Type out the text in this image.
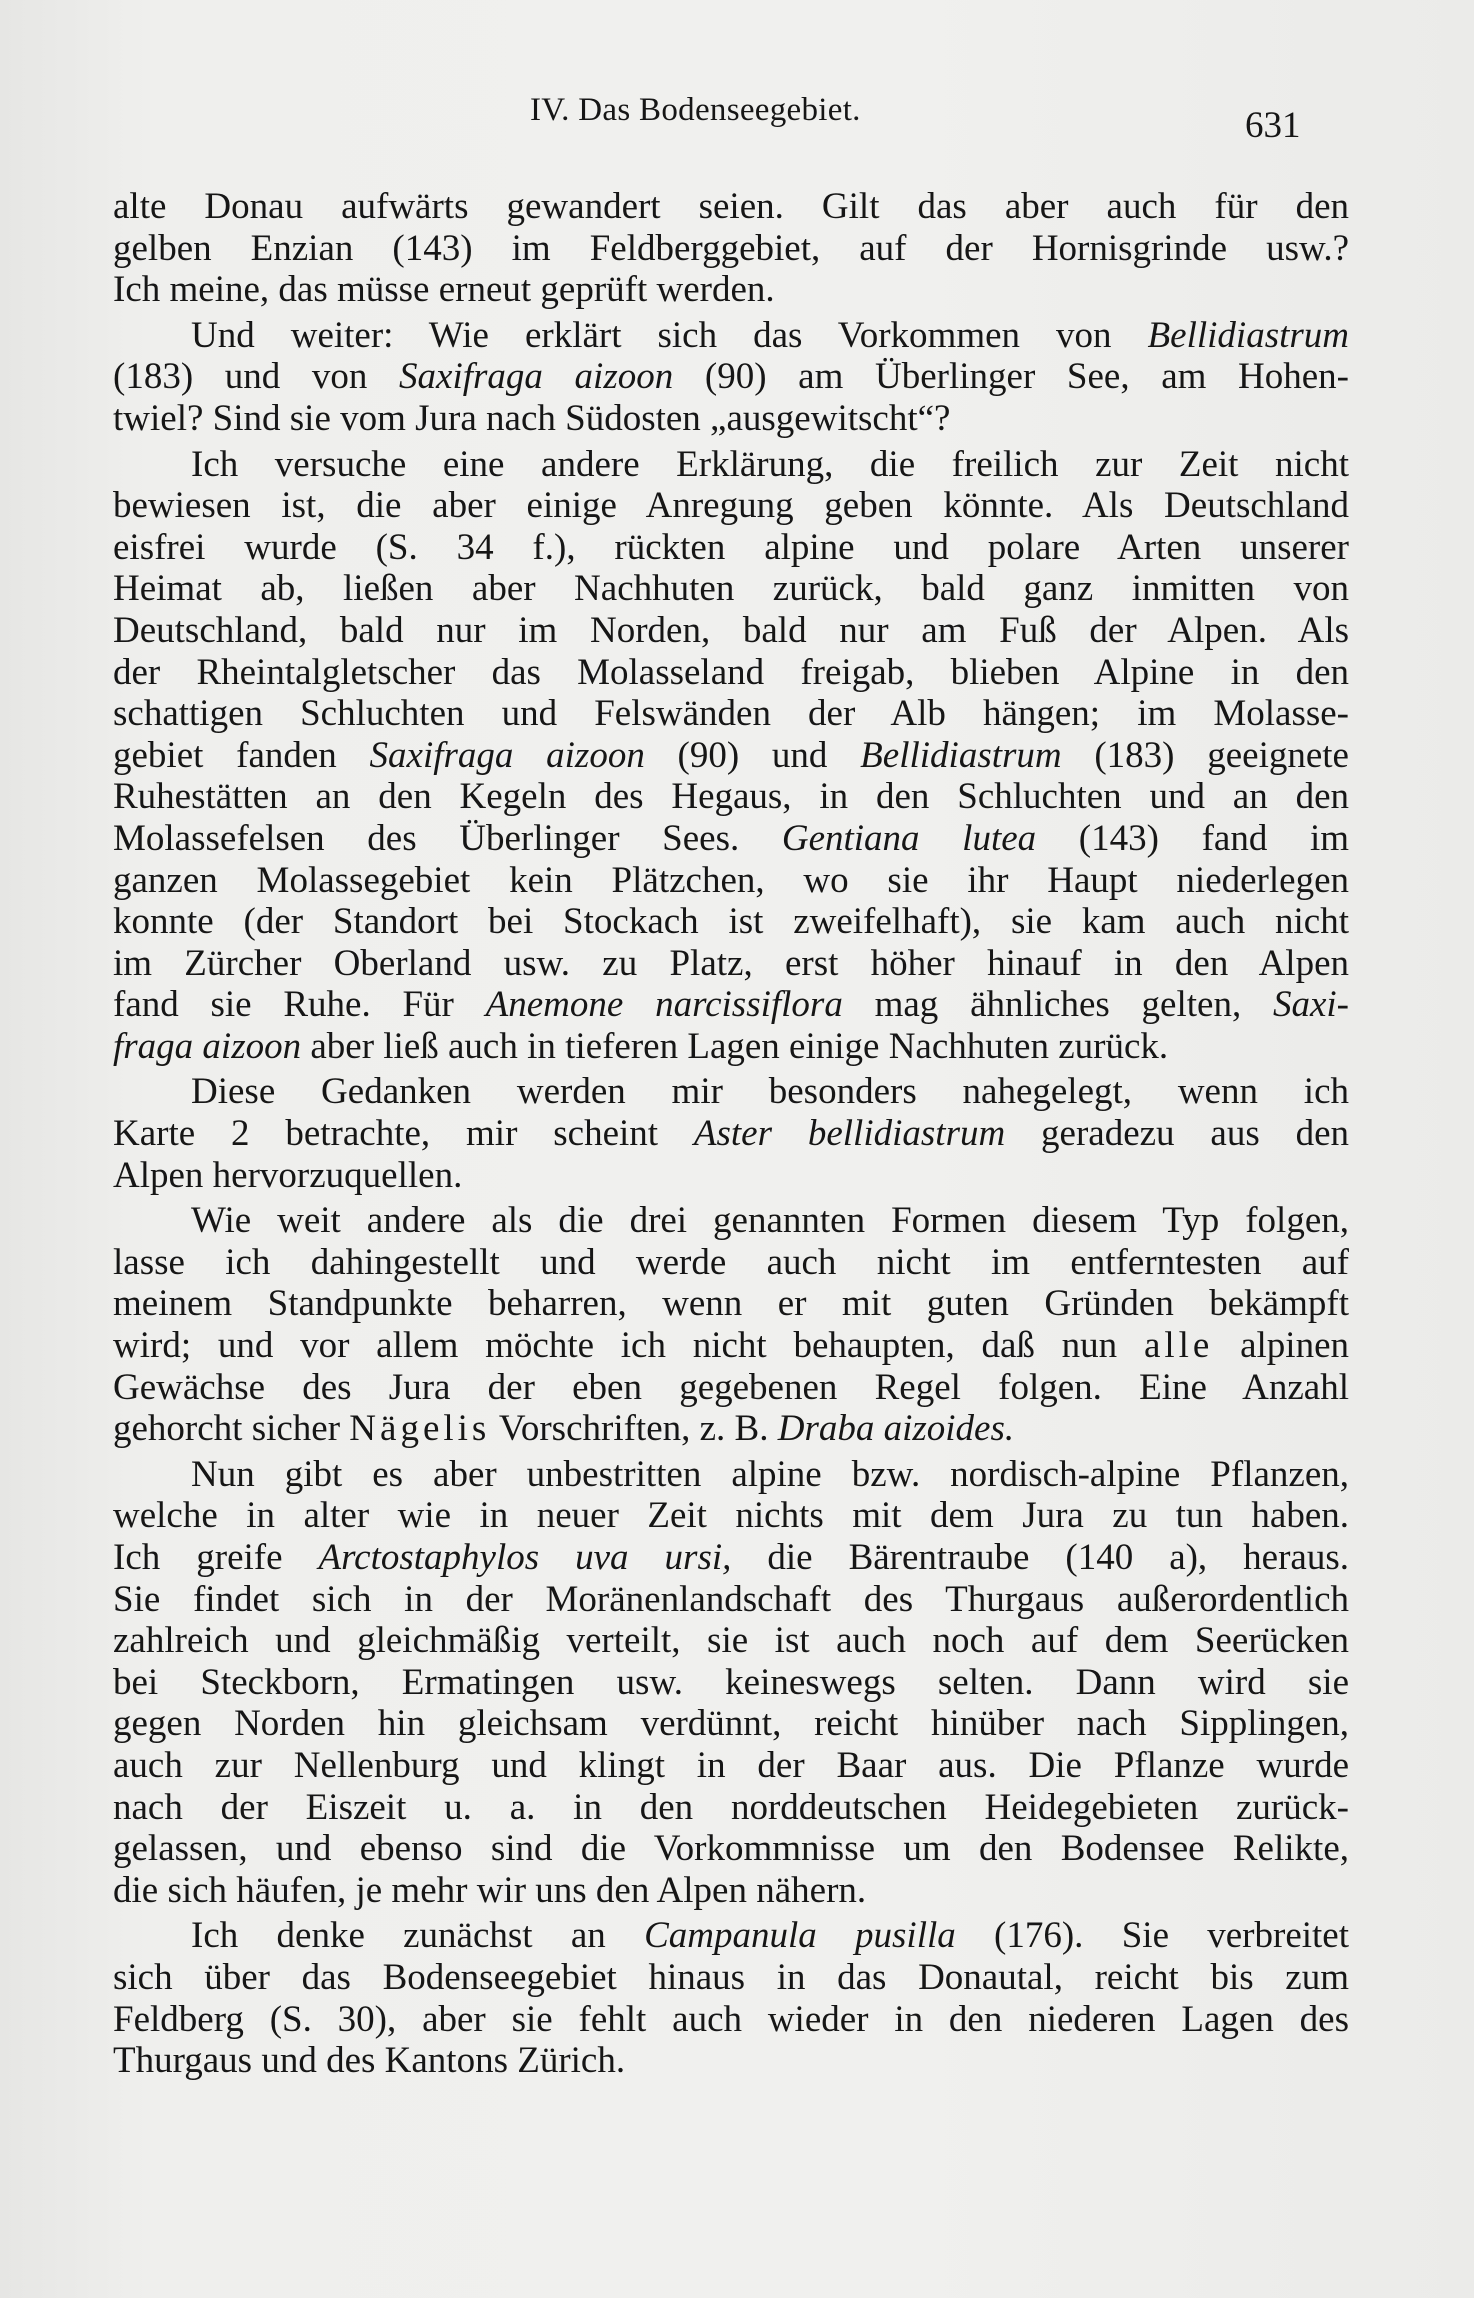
IV. Das Bodenseegebiet.	631
alte Donau aufwärts gewandert seien. Gilt das aber auch für den
gelben Enzian (143) im Feldberggebiet, auf der Hornisgrinde usw.?
Ich meine, das müsse erneut geprüft werden.
Und weiter: Wie erklärt sich das Vorkommen von Bellidiastrum
(183) und von Saxifraga aizoon (90) am Überlinger See, am Hohen-
twiel? Sind sie vom Jura nach Südosten „ausgewitscht“?
Ich versuche eine andere Erklärung, die freilich zur Zeit nicht
bewiesen ist, die aber einige Anregung geben könnte. Als Deutschland
eisfrei wurde (S. 34 f.), rückten alpine und polare Arten unserer
Heimat ab, ließen aber Nachhuten zurück, bald ganz inmitten von
Deutschland, bald nur im Norden, bald nur am Fuß der Alpen. Als
der Rheintalgletscher das Molasseland freigab, blieben Alpine in den
schattigen Schluchten und Felswänden der Alb hängen; im Molasse-
gebiet fanden Saxifraga aizoon (90) und Bellidiastrum (183) geeignete
Ruhestätten an den Kegeln des Hegaus, in den Schluchten und an den
Molassefelsen des Überlinger Sees. Gentiana lutea (143) fand im
ganzen Molassegebiet kein Plätzchen, wo sie ihr Haupt niederlegen
konnte (der Standort bei Stockach ist zweifelhaft), sie kam auch nicht
im Zürcher Oberland usw. zu Platz, erst höher hinauf in den Alpen
fand sie Ruhe. Für Anemone narcissiflora mag ähnliches gelten, Saxi-
fraga aizoon aber ließ auch in tieferen Lagen einige Nachhuten zurück.
Diese Gedanken werden mir besonders nahegelegt, wenn ich
Karte 2 betrachte, mir scheint Aster bellidiastrum geradezu aus den
Alpen hervorzuquellen.
Wie weit andere als die drei genannten Formen diesem Typ folgen,
lasse ich dahingestellt und werde auch nicht im entferntesten auf
meinem Standpunkte beharren, wenn er mit guten Gründen bekämpft
wird; und vor allem möchte ich nicht behaupten, daß nun alle alpinen
Gewächse des Jura der eben gegebenen Regel folgen. Eine Anzahl
gehorcht sicher Nägelis Vorschriften, z. B. Draba aizoides.
Nun gibt es aber unbestritten alpine bzw. nordisch-alpine Pflanzen,
welche in alter wie in neuer Zeit nichts mit dem Jura zu tun haben.
Ich greife Arctostaphylos uva ursi, die Bärentraube (140 a), heraus.
Sie findet sich in der Moränenlandschaft des Thurgaus außerordentlich
zahlreich und gleichmäßig verteilt, sie ist auch noch auf dem Seerücken
bei Steckborn, Ermatingen usw. keineswegs selten. Dann wird sie
gegen Norden hin gleichsam verdünnt, reicht hinüber nach Sipplingen,
auch zur Nellenburg und klingt in der Baar aus. Die Pflanze wurde
nach der Eiszeit u. a. in den norddeutschen Heidegebieten zurück-
gelassen, und ebenso sind die Vorkommnisse um den Bodensee Relikte,
die sich häufen, je mehr wir uns den Alpen nähern.
Ich denke zunächst an Campanula pusilla (176). Sie verbreitet
sich über das Bodenseegebiet hinaus in das Donautal, reicht bis zum
Feldberg (S. 30), aber sie fehlt auch wieder in den niederen Lagen des
Thurgaus und des Kantons Zürich.
